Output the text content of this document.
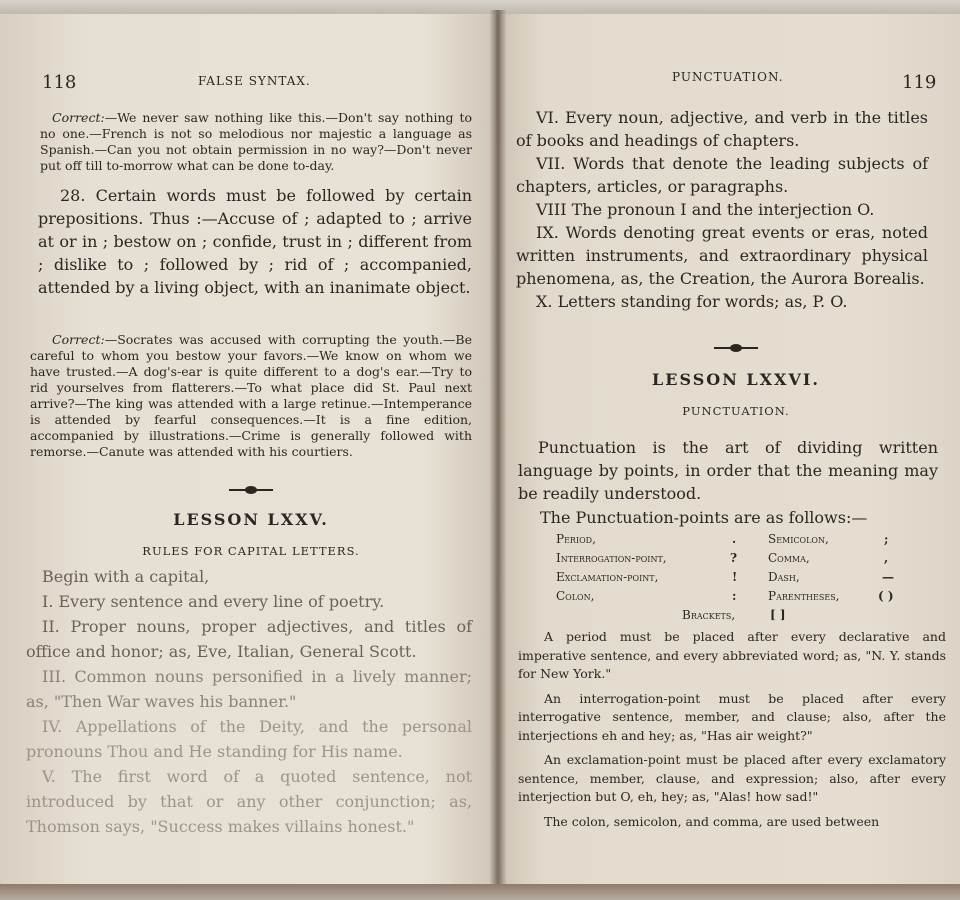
118	FALSE SYNTAX.
Correct:—We never saw nothing like this.—Don't say nothing to no one.—French is not so melodious nor majestic a language as Spanish.—Can you not obtain permission in no way?—Don't never put off till to-morrow what can be done to-day.
28. Certain words must be followed by certain prepositions. Thus :—Accuse of ; adapted to ; arrive at or in ; bestow on ; confide, trust in ; different from ; dislike to ; followed by ; rid of ; accompanied, attended by a living object, with an inanimate object.
Correct:—Socrates was accused with corrupting the youth.—Be careful to whom you bestow your favors.—We know on whom we have trusted.—A dog's-ear is quite different to a dog's ear.—Try to rid yourselves from flatterers.—To what place did St. Paul next arrive?—The king was attended with a large retinue.—Intemperance is attended by fearful consequences.—It is a fine edition, accompanied by illustrations.—Crime is generally followed with remorse.—Canute was attended with his courtiers.
LESSON LXXV.
RULES FOR CAPITAL LETTERS.
Begin with a capital,
I. Every sentence and every line of poetry.
II. Proper nouns, proper adjectives, and titles of office and honor; as, Eve, Italian, General Scott.
III. Common nouns personified in a lively manner; as, "Then War waves his banner."
IV. Appellations of the Deity, and the personal pronouns Thou and He standing for His name.
V. The first word of a quoted sentence, not introduced by that or any other conjunction; as, Thomson says, "Success makes villains honest."
PUNCTUATION.	119
VI. Every noun, adjective, and verb in the titles of books and headings of chapters.
VII. Words that denote the leading subjects of chapters, articles, or paragraphs.
VIII The pronoun I and the interjection O.
IX. Words denoting great events or eras, noted written instruments, and extraordinary physical phenomena, as, the Creation, the Aurora Borealis.
X. Letters standing for words; as, P. O.
LESSON LXXVI.
PUNCTUATION.
Punctuation is the art of dividing written language by points, in order that the meaning may be readily understood.
The Punctuation-points are as follows:—
Period,	.	Semicolon,	;
Interrogation-point,	?	Comma,	,
Exclamation-point,	!	Dash,	—
Colon,	:	Parentheses,	( )
Brackets,	[ ]
A period must be placed after every declarative and imperative sentence, and every abbreviated word; as, "N. Y. stands for New York."
An interrogation-point must be placed after every interrogative sentence, member, and clause; also, after the interjections eh and hey; as, "Has air weight?"
An exclamation-point must be placed after every exclamatory sentence, member, clause, and expression; also, after every interjection but O, eh, hey; as, "Alas! how sad!"
The colon, semicolon, and comma, are used between
